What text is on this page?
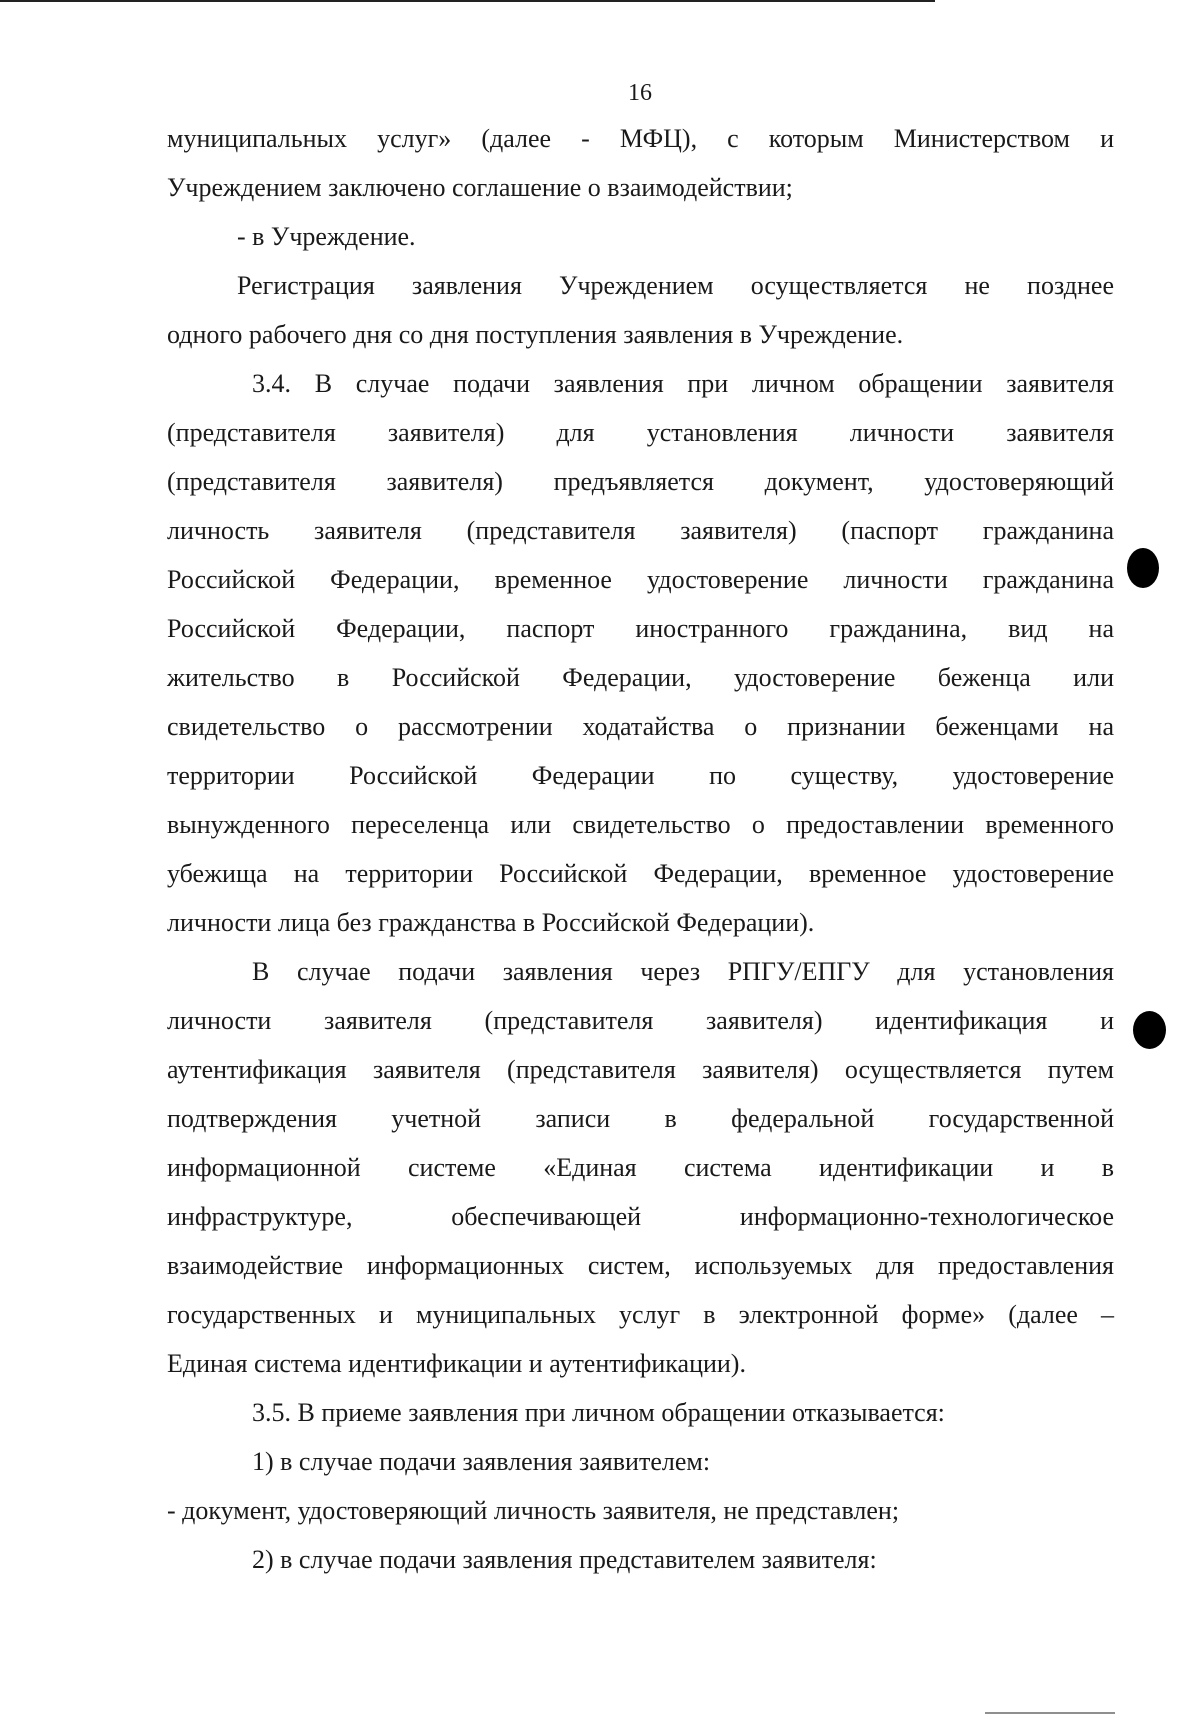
16
муниципальных услуг» (далее - МФЦ), с которым Министерством и
Учреждением заключено соглашение о взаимодействии;
- в Учреждение.
Регистрация заявления Учреждением осуществляется не позднее
одного рабочего дня со дня поступления заявления в Учреждение.
3.4. В случае подачи заявления при личном обращении заявителя
(представителя заявителя) для установления личности заявителя
(представителя заявителя) предъявляется документ, удостоверяющий
личность заявителя (представителя заявителя) (паспорт гражданина
Российской Федерации, временное удостоверение личности гражданина
Российской Федерации, паспорт иностранного гражданина, вид на
жительство в Российской Федерации, удостоверение беженца или
свидетельство о рассмотрении ходатайства о признании беженцами на
территории Российской Федерации по существу, удостоверение
вынужденного переселенца или свидетельство о предоставлении временного
убежища на территории Российской Федерации, временное удостоверение
личности лица без гражданства в Российской Федерации).
В случае подачи заявления через РПГУ/ЕПГУ для установления
личности заявителя (представителя заявителя) идентификация и
аутентификация заявителя (представителя заявителя) осуществляется путем
подтверждения учетной записи в федеральной государственной
информационной системе «Единая система идентификации и в
инфраструктуре, обеспечивающей информационно-технологическое
взаимодействие информационных систем, используемых для предоставления
государственных и муниципальных услуг в электронной форме» (далее –
Единая система идентификации и аутентификации).
3.5. В приеме заявления при личном обращении отказывается:
1) в случае подачи заявления заявителем:
- документ, удостоверяющий личность заявителя, не представлен;
2) в случае подачи заявления представителем заявителя:
